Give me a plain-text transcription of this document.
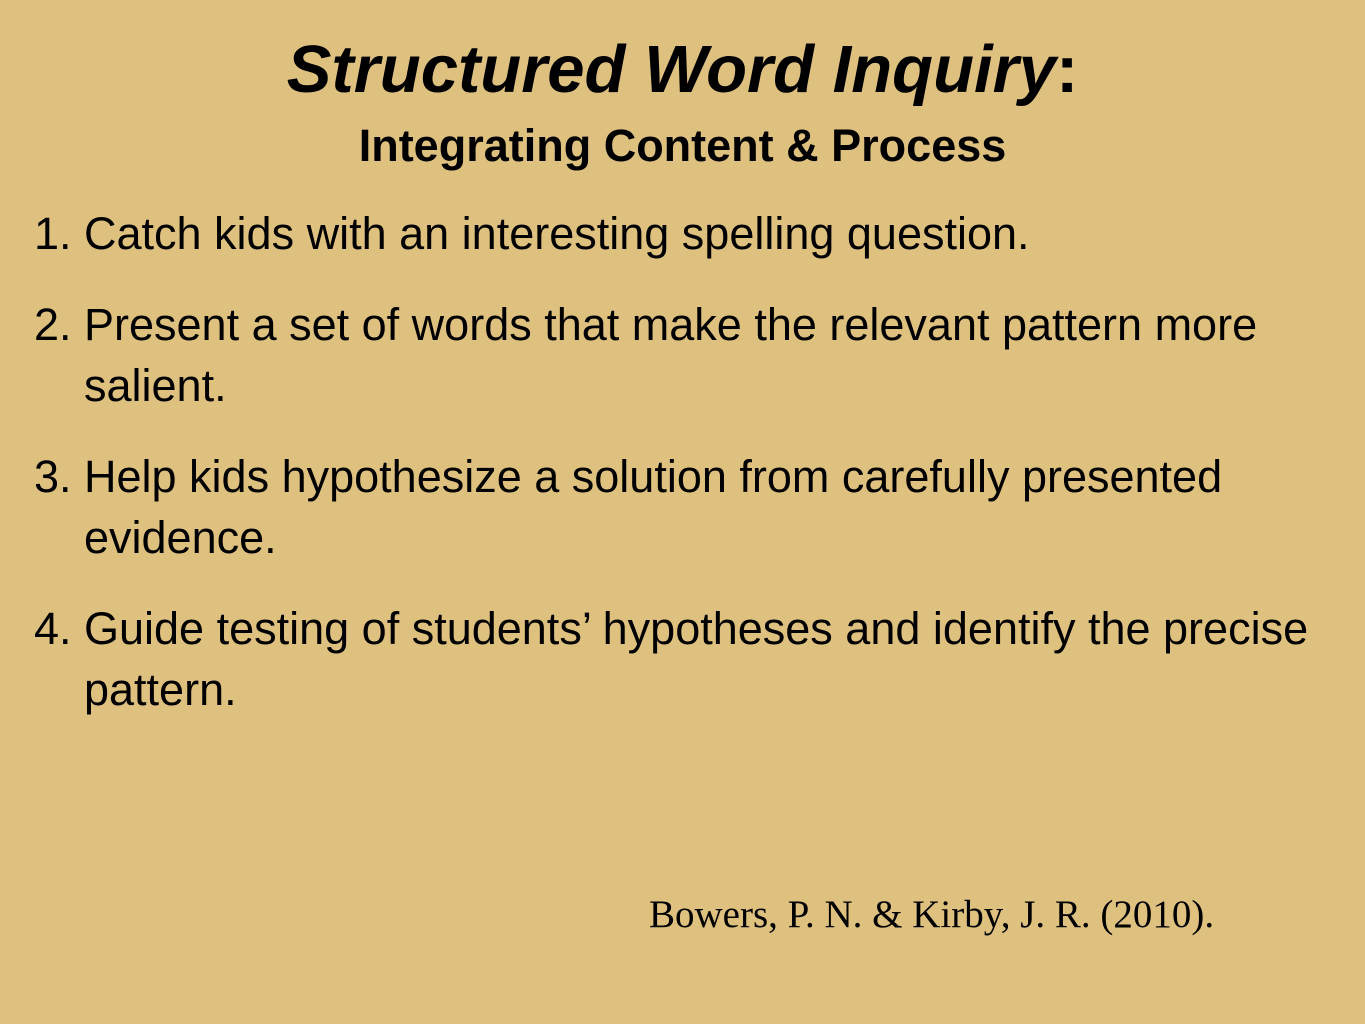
Structured Word Inquiry:
Integrating Content & Process
1. Catch kids with an interesting spelling question.
2. Present a set of words that make the relevant pattern more salient.
3. Help kids hypothesize a solution from carefully presented evidence.
4. Guide testing of students’ hypotheses and identify the precise pattern.
Bowers, P. N. & Kirby, J. R. (2010).
